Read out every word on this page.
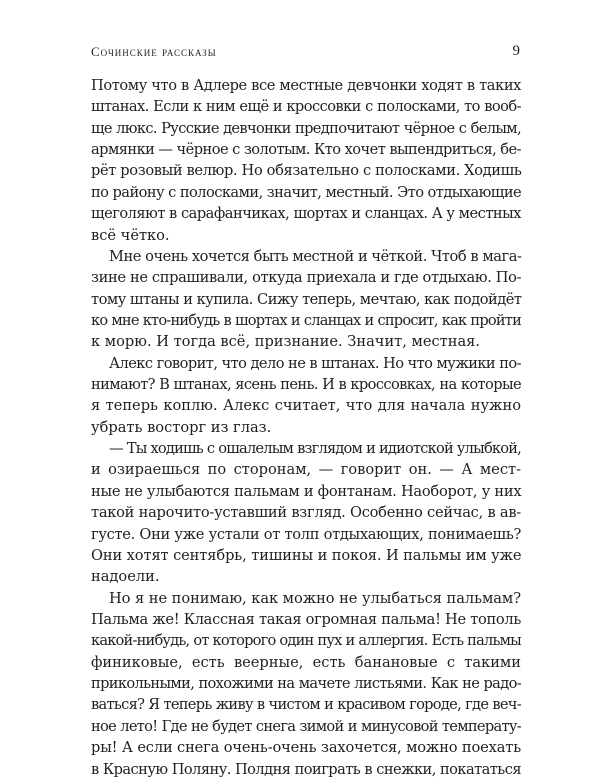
Сочинские рассказы	9
Потому что в Адлере все местные девчонки ходят в таких
штанах. Если к ним ещё и кроссовки с полосками, то вооб-
ще люкс. Русские девчонки предпочитают чёрное с белым,
армянки — чёрное с золотым. Кто хочет выпендриться, бе-
рёт розовый велюр. Но обязательно с полосками. Ходишь
по району с полосками, значит, местный. Это отдыхающие
щеголяют в сарафанчиках, шортах и сланцах. А у местных
всё чётко.
Мне очень хочется быть местной и чёткой. Чтоб в мага-
зине не спрашивали, откуда приехала и где отдыхаю. По-
тому штаны и купила. Сижу теперь, мечтаю, как подойдёт
ко мне кто-нибудь в шортах и сланцах и спросит, как пройти
к морю. И тогда всё, признание. Значит, местная.
Алекс говорит, что дело не в штанах. Но что мужики по-
нимают? В штанах, ясень пень. И в кроссовках, на которые
я теперь коплю. Алекс считает, что для начала нужно
убрать восторг из глаз.
— Ты ходишь с ошалелым взглядом и идиотской улыбкой,
и озираешься по сторонам, — говорит он. — А мест-
ные не улыбаются пальмам и фонтанам. Наоборот, у них
такой нарочито-уставший взгляд. Особенно сейчас, в ав-
густе. Они уже устали от толп отдыхающих, понимаешь?
Они хотят сентябрь, тишины и покоя. И пальмы им уже
надоели.
Но я не понимаю, как можно не улыбаться пальмам?
Пальма же! Классная такая огромная пальма! Не тополь
какой-нибудь, от которого один пух и аллергия. Есть пальмы
финиковые, есть веерные, есть банановые с такими
прикольными, похожими на мачете листьями. Как не радо-
ваться? Я теперь живу в чистом и красивом городе, где веч-
ное лето! Где не будет снега зимой и минусовой температу-
ры! А если снега очень-очень захочется, можно поехать
в Красную Поляну. Полдня поиграть в снежки, покататься
